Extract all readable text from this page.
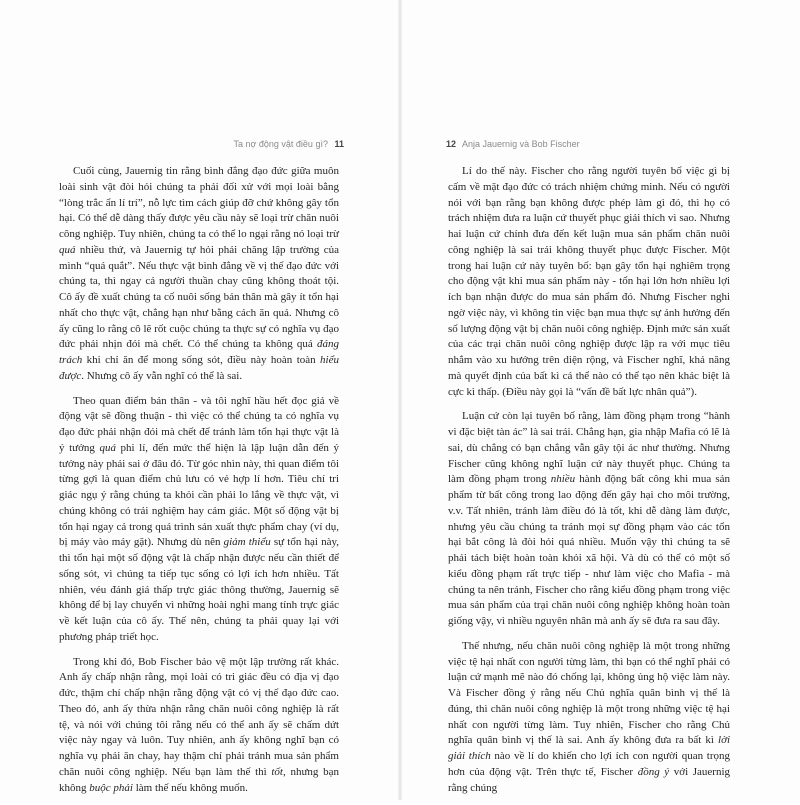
Ta nợ động vật điều gì? 11

Cuối cùng, Jauernig tin rằng bình đẳng đạo đức giữa muôn loài sinh vật đòi hỏi chúng ta phải đối xử với mọi loài bằng “lòng trắc ẩn lí trí”, nỗ lực tìm cách giúp đỡ chứ không gây tổn hại. Có thể dễ dàng thấy được yêu cầu này sẽ loại trừ chăn nuôi công nghiệp. Tuy nhiên, chúng ta có thể lo ngại rằng nó loại trừ quá nhiều thứ, và Jauernig tự hỏi phải chăng lập trường của mình “quá quắt”. Nếu thực vật bình đẳng về vị thế đạo đức với chúng ta, thì ngay cả người thuần chay cũng không thoát tội. Cô ấy đề xuất chúng ta cố nuôi sống bản thân mà gây ít tổn hại nhất cho thực vật, chẳng hạn như bằng cách ăn quả. Nhưng cô ấy cũng lo rằng cô lẽ rốt cuộc chúng ta thực sự có nghĩa vụ đạo đức phải nhịn đói mà chết. Có thể chúng ta không quá đáng trách khi chỉ ăn để mong sống sót, điều này hoàn toàn hiểu được. Nhưng cô ấy vẫn nghĩ có thể là sai.

Theo quan điểm bản thân - và tôi nghĩ hầu hết đọc giả về động vật sẽ đồng thuận - thì việc có thể chúng ta có nghĩa vụ đạo đức phải nhận đói mà chết để tránh làm tổn hại thực vật là ý tưởng quá phi lí, đến mức thể hiện là lập luận dẫn đến ý tưởng này phải sai ở đâu đó. Từ góc nhìn này, thì quan điểm tôi từng gợi là quan điểm chủ lưu có vẻ hợp lí hơn. Tiêu chí tri giác ngụ ý rằng chúng ta khỏi cần phải lo lắng về thực vật, vì chúng không có trải nghiệm hay cảm giác. Một số động vật bị tổn hại ngay cả trong quá trình sản xuất thực phẩm chay (ví dụ, bị máy vào máy gặt). Nhưng dù nên giảm thiểu sự tổn hại này, thì tổn hại một số động vật là chấp nhận được nếu cần thiết để sống sót, vì chúng ta tiếp tục sống có lợi ích hơn nhiều. Tất nhiên, véu đánh giá thấp trực giác thông thường, Jauernig sẽ không để bị lay chuyển vì những hoài nghi mang tính trực giác về kết luận của cô ấy. Thế nên, chúng ta phải quay lại với phương pháp triết học.

Trong khi đó, Bob Fischer bảo vệ một lập trường rất khác. Anh ấy chấp nhận rằng, mọi loài có tri giác đều có địa vị đạo đức, thậm chí chấp nhận rằng động vật có vị thế đạo đức cao. Theo đó, anh ấy thừa nhận rằng chăn nuôi công nghiệp là rất tệ, và nói với chúng tôi rằng nếu có thể anh ấy sẽ chấm dứt việc này ngay và luôn. Tuy nhiên, anh ấy không nghĩ bạn có nghĩa vụ phải ăn chay, hay thậm chí phải tránh mua sản phẩm chăn nuôi công nghiệp. Nếu bạn làm thế thì tốt, nhưng bạn không buộc phải làm thế nếu không muốn.

12 Anja Jauernig và Bob Fischer

Lí do thế này. Fischer cho rằng người tuyên bố việc gì bị cấm về mặt đạo đức có trách nhiệm chứng minh. Nếu có người nói với bạn rằng bạn không được phép làm gì đó, thì họ có trách nhiệm đưa ra luận cứ thuyết phục giải thích vì sao. Nhưng hai luận cứ chính đưa đến kết luận mua sản phẩm chăn nuôi công nghiệp là sai trái không thuyết phục được Fischer. Một trong hai luận cứ này tuyên bố: bạn gây tổn hại nghiêm trọng cho động vật khi mua sản phẩm này - tổn hại lớn hơn nhiều lợi ích bạn nhận được do mua sản phẩm đó. Nhưng Fischer nghi ngờ việc này, vì không tin việc bạn mua thực sự ảnh hưởng đến số lượng động vật bị chăn nuôi công nghiệp. Định mức sản xuất của các trại chăn nuôi công nghiệp được lập ra với mục tiêu nhắm vào xu hướng trên diện rộng, và Fischer nghĩ, khả năng mà quyết định của bất kì cá thể nào có thể tạo nên khác biệt là cực kì thấp. (Điều này gọi là “vấn đề bất lực nhân quả”).

Luận cứ còn lại tuyên bố rằng, làm đồng phạm trong “hành vi đặc biệt tàn ác” là sai trái. Chẳng hạn, gia nhập Mafia có lẽ là sai, dù chẳng có bạn chẳng vẫn gây tội ác như thường. Nhưng Fischer cũng không nghĩ luận cứ này thuyết phục. Chúng ta làm đồng phạm trong nhiều hành động bất công khi mua sản phẩm từ bất công trong lao động đến gây hại cho môi trường, v.v. Tất nhiên, tránh làm điều đó là tốt, khi dễ dàng làm được, nhưng yêu cầu chúng ta tránh mọi sự đồng phạm vào các tổn hại bắt công là đòi hỏi quá nhiều. Muốn vậy thì chúng ta sẽ phải tách biệt hoàn toàn khỏi xã hội. Và dù có thể có một số kiểu đồng phạm rất trực tiếp - như làm việc cho Mafia - mà chúng ta nên tránh, Fischer cho rằng kiểu đồng phạm trong việc mua sản phẩm của trại chăn nuôi công nghiệp không hoàn toàn giống vậy, vì nhiều nguyên nhân mà anh ấy sẽ đưa ra sau đây.

Thế nhưng, nếu chăn nuôi công nghiệp là một trong những việc tệ hại nhất con người từng làm, thì bạn có thể nghĩ phải có luận cứ mạnh mẽ nào đó chống lại, không ủng hộ việc làm này. Và Fischer đồng ý rằng nếu Chủ nghĩa quân bình vị thế là đúng, thì chăn nuôi công nghiệp là một trong những việc tệ hại nhất con người từng làm. Tuy nhiên, Fischer cho rằng Chủ nghĩa quân bình vị thế là sai. Anh ấy không đưa ra bất kì lời giải thích nào về lí do khiến cho lợi ích con người quan trọng hơn của động vật. Trên thực tế, Fischer đồng ý với Jauernig rằng chúng
